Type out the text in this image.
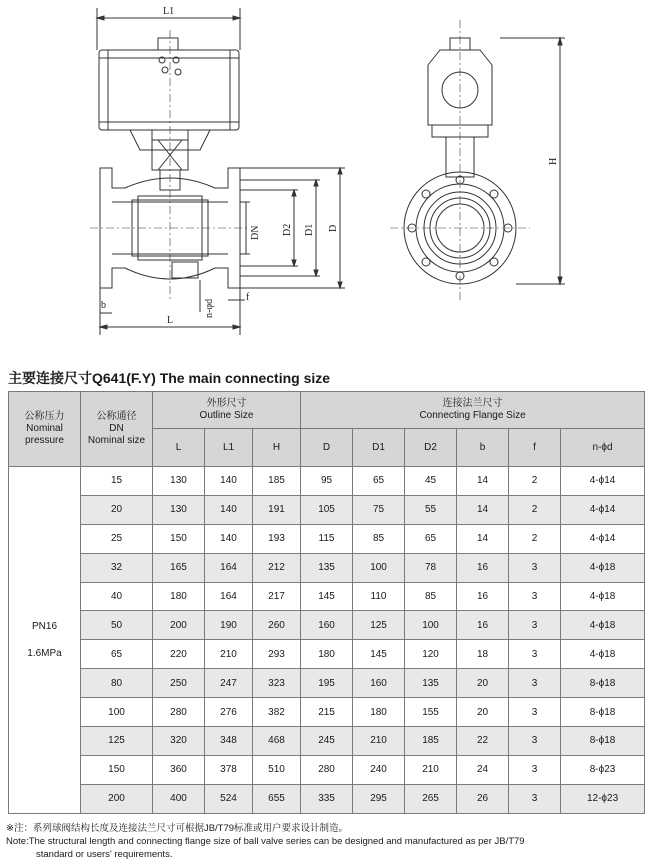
L1
L
b
f
n-φd
DN D2 D1 D
H
主要连接尺寸Q641(F.Y) The main connecting size
公称压力
Nominal
pressure	公称通径
DN
Nominal size	外形尺寸
Outline Size			连接法兰尺寸
Connecting Flange Size					

		L	L1	H	D	D1	D2	b	f	n-ϕd

PN16
1.6MPa	15	130	140	185	95	65	45	14	2	4-ϕ14
	20	130	140	191	105	75	55	14	2	4-ϕ14
	25	150	140	193	115	85	65	14	2	4-ϕ14
	32	165	164	212	135	100	78	16	3	4-ϕ18
	40	180	164	217	145	110	85	16	3	4-ϕ18
	50	200	190	260	160	125	100	16	3	4-ϕ18
	65	220	210	293	180	145	120	18	3	4-ϕ18
	80	250	247	323	195	160	135	20	3	8-ϕ18
	100	280	276	382	215	180	155	20	3	8-ϕ18
	125	320	348	468	245	210	185	22	3	8-ϕ18
	150	360	378	510	280	240	210	24	3	8-ϕ23
	200	400	524	655	335	295	265	26	3	12-ϕ23
※注：系列球阀结构长度及连接法兰尺寸可根据JB/T79标准或用户要求设计制造。
Note:The structural length and connecting flange size of ball valve series can be designed and manufactured as per JB/T79
standard or users' requirements.
